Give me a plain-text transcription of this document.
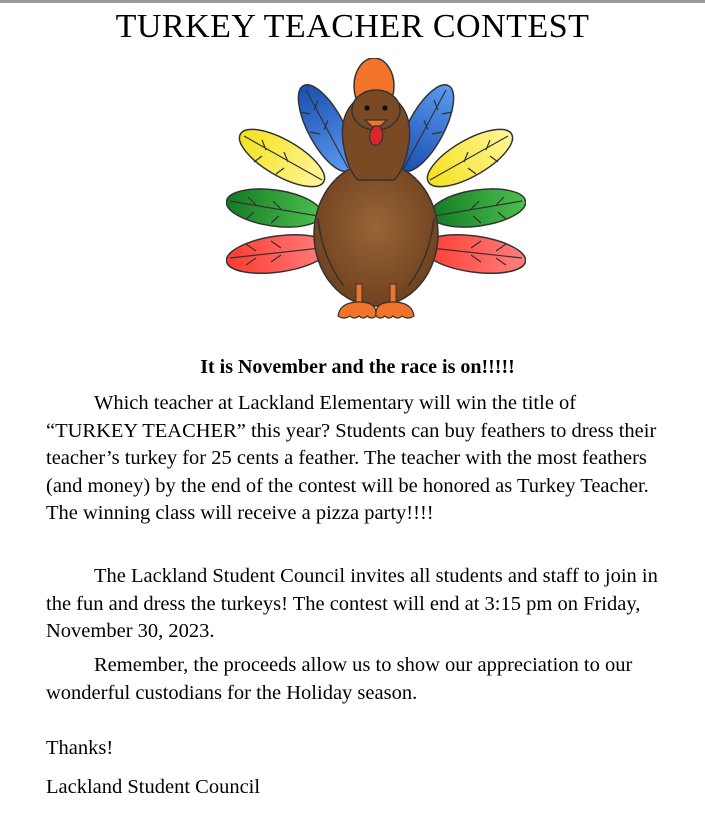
TURKEY TEACHER CONTEST
It is November and the race is on!!!!!
Which teacher at Lackland Elementary will win the title of “TURKEY TEACHER” this year? Students can buy feathers to dress their teacher’s turkey for 25 cents a feather. The teacher with the most feathers (and money) by the end of the contest will be honored as Turkey Teacher. The winning class will receive a pizza party!!!!
The Lackland Student Council invites all students and staff to join in the fun and dress the turkeys! The contest will end at 3:15 pm on Friday, November 30, 2023.
Remember, the proceeds allow us to show our appreciation to our wonderful custodians for the Holiday season.
Thanks!
Lackland Student Council
